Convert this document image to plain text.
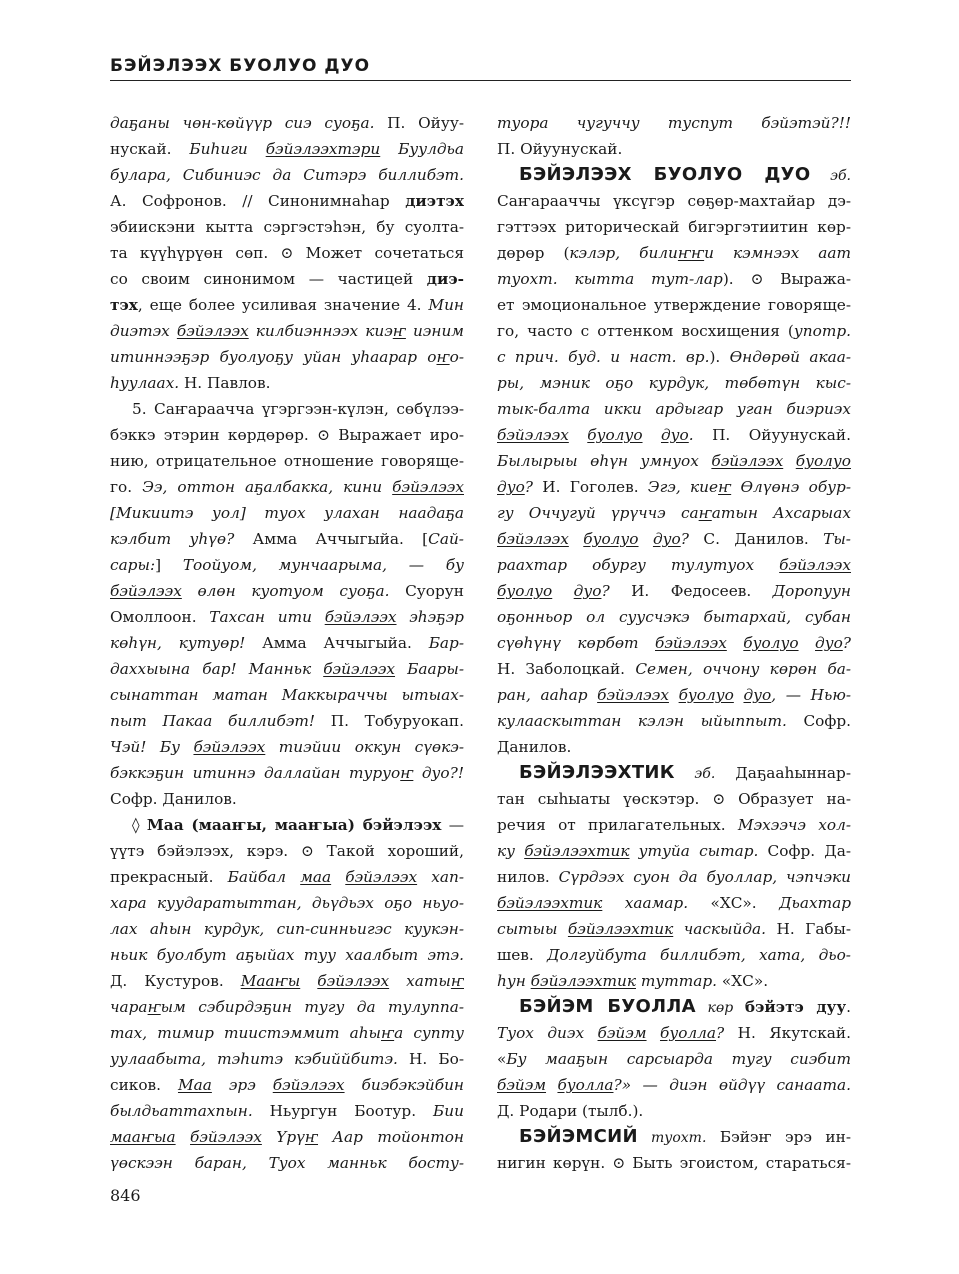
БЭЙЭЛЭЭХ БУОЛУО ДУО
даҕаны чөн-көйүүр сиэ суоҕа. П. Ойуу-
нускай. Биһиги бэйэлээхтэри Буулдьа
булара, Сибиниэс да Ситэрэ биллибэт.
А. Софронов. // Синонимнаһар диэтэх
эбиискэни кытта сэргэстэһэн, бу суолта-
та күүһүрүөн сөп. ⊙ Может сочетаться
со своим синонимом — частицей диэ-
тэх, еще более усиливая значение 4. Мин
диэтэх бэйэлээх килбиэннээх киэҥ иэним
итиннээҕэр буолуоҕу уйан уһаарар оҥо-
һуулаах. Н. Павлов.
5. Саҥараачча үгэргээн-күлэн, сөбүлээ-
бэккэ этэрин көрдөрөр. ⊙ Выражает иро-
нию, отрицательное отношение говоряще-
го. Ээ, оттон аҕалбакка, кини бэйэлээх
[Микиитэ уол] туох улахан наадаҕа
кэлбит уһүө? Амма Аччыгыйа. [Сай-
сары:] Тоойуом, мунчаарыма, — бу
бэйэлээх өлөн куотуом суоҕа. Суорун
Омоллоон. Тахсан ити бэйэлээх эһэҕэр
көһүн, кутуөр! Амма Аччыгыйа. Бар-
даххыына бар! Манньк бэйэлээх Баары-
сынаттан матан Маккыраччы ытыах-
пыт Пакаа биллибэт! П. Тобуруокап.
Чэй! Бу бэйэлээх тиэйии оккун сүөкэ-
бэккэҕин итиннэ даллайан туруоҥ дуо?!
Софр. Данилов.
◊ Маа (мааҥы, мааҥыа) бэйэлээх —
үүтэ бэйэлээх, кэрэ. ⊙ Такой хороший,
прекрасный. Байбал маа бэйэлээх хап-
хара куударатыттан, дьүдьэх оҕо ньуо-
лах аһын курдук, сип-синньигэс куукэн-
ньик буолбут аҕыйах туу хаалбыт этэ.
Д. Кустуров. Мааҥы бэйэлээх хатыҥ
чараҥым сэбирдэҕин тугу да тулуппа-
тах, тимир тиистэммит аһыҥа супту
уулаабыта, тэһитэ кэбиййбитэ. Н. Бо-
сиков. Маа эрэ бэйэлээх биэбэкэйбин
былдьаттахпын. Ньургун Боотур. Бии
мааҥыа бэйэлээх Үрүҥ Аар тойонтон
үөскээн баран, Туох манньк босту-
туора чугуччу туспут бэйэтэй?!!
П. Ойуунускай.
БЭЙЭЛЭЭХ БУОЛУО ДУО эб.
Саҥарааччы үксүгэр сөҕөр-махтайар дэ-
гэттээх риторическай бигэргэтиитин көр-
дөрөр (кэлэр, билиҥҥи кэмнээх аат
туохт. кытта тут-лар). ⊙ Выража-
ет эмоциональное утверждение говоряще-
го, часто с оттенком восхищения (употр.
с прич. буд. и наст. вр.). Өндөрөй акаа-
ры, мэник оҕо курдук, төбөтүн кыс-
тык-балта икки ардыгар уган биэриэх
бэйэлээх буолуо дуо. П. Ойуунускай.
Былырыы өһүн умнуох бэйэлээх буолуо
дуо? И. Гоголев. Эгэ, киеҥ Өлүөнэ обур-
гу Оччугуй үрүччэ саҥатын Ахсарыах
бэйэлээх буолуо дуо? С. Данилов. Ты-
раахтар обургу тулутуох бэйэлээх
буолуо дуо? И. Федосеев. Доропуун
оҕонньор ол суусчэкэ бытархай, субан
сүөһүнү көрбөт бэйэлээх буолуо дуо?
Н. Заболоцкай. Семен, оччону көрөн ба-
ран, ааһар бэйэлээх буолуо дуо, — Нью-
кулааскыттан кэлэн ыйыппыт. Софр.
Данилов.
БЭЙЭЛЭЭХТИК эб. Даҕааһыннар-
тан сыһыаты үөскэтэр. ⊙ Образует на-
речия от прилагательных. Мэхээчэ хол-
ку бэйэлээхтик утуйа сытар. Софр. Да-
нилов. Сүрдээх суон да буоллар, чэпчэки
бэйэлээхтик хаамар. «ХС». Дьахтар
сытыы бэйэлээхтик часкыйда. Н. Габы-
шев. Долгуйбута биллибэт, хата, дьо-
һун бэйэлээхтик туттар. «ХС».
БЭЙЭМ БУОЛЛА көр бэйэтэ дуу.
Туох диэх бэйэм буолла? Н. Якутскай.
«Бу мааҕын сарсыарда тугу сиэбит
бэйэм буолла?» — диэн өйдүү санаата.
Д. Родари (тылб.).
БЭЙЭМСИЙ туохт. Бэйэҥ эрэ ин-
нигин көрүн. ⊙ Быть эгоистом, стараться-
846
